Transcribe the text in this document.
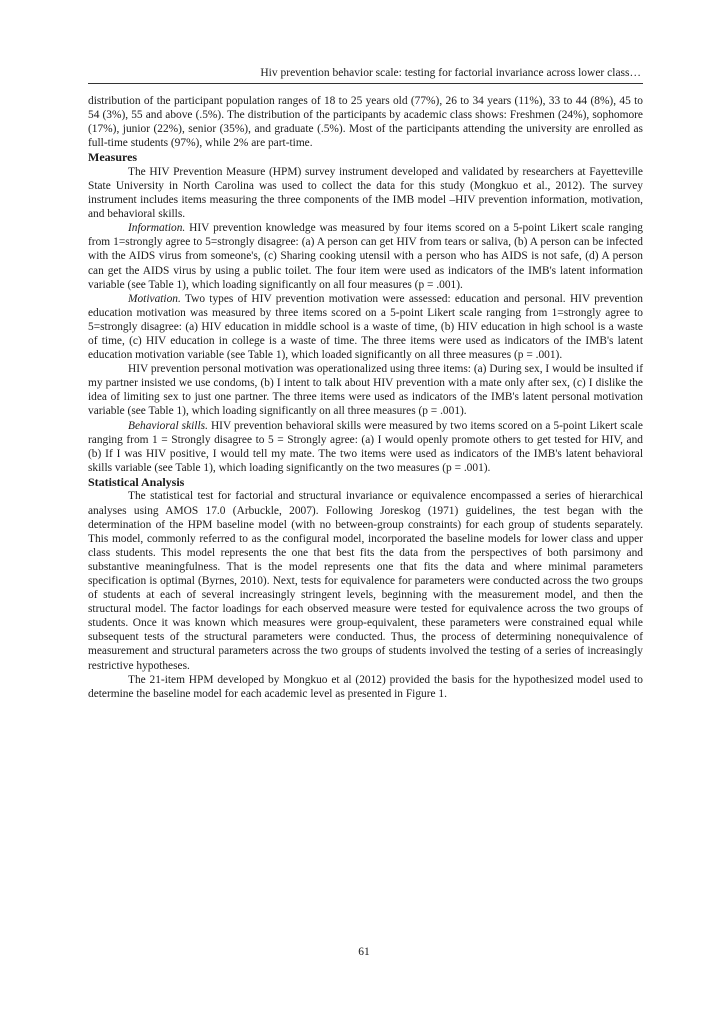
Hiv prevention behavior scale: testing for factorial invariance across lower class…

distribution of the participant population ranges of 18 to 25 years old (77%), 26 to 34 years (11%), 33 to 44 (8%), 45 to 54 (3%), 55 and above (.5%). The distribution of the participants by academic class shows: Freshmen (24%), sophomore (17%), junior (22%), senior (35%), and graduate (.5%). Most of the participants attending the university are enrolled as full-time students (97%), while 2% are part-time.

Measures

The HIV Prevention Measure (HPM) survey instrument developed and validated by researchers at Fayetteville State University in North Carolina was used to collect the data for this study (Mongkuo et al., 2012). The survey instrument includes items measuring the three components of the IMB model –HIV prevention information, motivation, and behavioral skills.

Information. HIV prevention knowledge was measured by four items scored on a 5-point Likert scale ranging from 1=strongly agree to 5=strongly disagree: (a) A person can get HIV from tears or saliva, (b) A person can be infected with the AIDS virus from someone's, (c) Sharing cooking utensil with a person who has AIDS is not safe, (d) A person can get the AIDS virus by using a public toilet. The four item were used as indicators of the IMB's latent information variable (see Table 1), which loading significantly on all four measures (p = .001).

Motivation. Two types of HIV prevention motivation were assessed: education and personal. HIV prevention education motivation was measured by three items scored on a 5-point Likert scale ranging from 1=strongly agree to 5=strongly disagree: (a) HIV education in middle school is a waste of time, (b) HIV education in high school is a waste of time, (c) HIV education in college is a waste of time. The three items were used as indicators of the IMB's latent education motivation variable (see Table 1), which loaded significantly on all three measures (p = .001).

HIV prevention personal motivation was operationalized using three items: (a) During sex, I would be insulted if my partner insisted we use condoms, (b) I intent to talk about HIV prevention with a mate only after sex, (c) I dislike the idea of limiting sex to just one partner. The three items were used as indicators of the IMB's latent personal motivation variable (see Table 1), which loading significantly on all three measures (p = .001).

Behavioral skills. HIV prevention behavioral skills were measured by two items scored on a 5-point Likert scale ranging from 1 = Strongly disagree to 5 = Strongly agree: (a) I would openly promote others to get tested for HIV, and (b) If I was HIV positive, I would tell my mate. The two items were used as indicators of the IMB's latent behavioral skills variable (see Table 1), which loading significantly on the two measures (p = .001).

Statistical Analysis

The statistical test for factorial and structural invariance or equivalence encompassed a series of hierarchical analyses using AMOS 17.0 (Arbuckle, 2007). Following Joreskog (1971) guidelines, the test began with the determination of the HPM baseline model (with no between-group constraints) for each group of students separately. This model, commonly referred to as the configural model, incorporated the baseline models for lower class and upper class students. This model represents the one that best fits the data from the perspectives of both parsimony and substantive meaningfulness. That is the model represents one that fits the data and where minimal parameters specification is optimal (Byrnes, 2010). Next, tests for equivalence for parameters were conducted across the two groups of students at each of several increasingly stringent levels, beginning with the measurement model, and then the structural model. The factor loadings for each observed measure were tested for equivalence across the two groups of students. Once it was known which measures were group-equivalent, these parameters were constrained equal while subsequent tests of the structural parameters were conducted. Thus, the process of determining nonequivalence of measurement and structural parameters across the two groups of students involved the testing of a series of increasingly restrictive hypotheses.

The 21-item HPM developed by Mongkuo et al (2012) provided the basis for the hypothesized model used to determine the baseline model for each academic level as presented in Figure 1.

61
